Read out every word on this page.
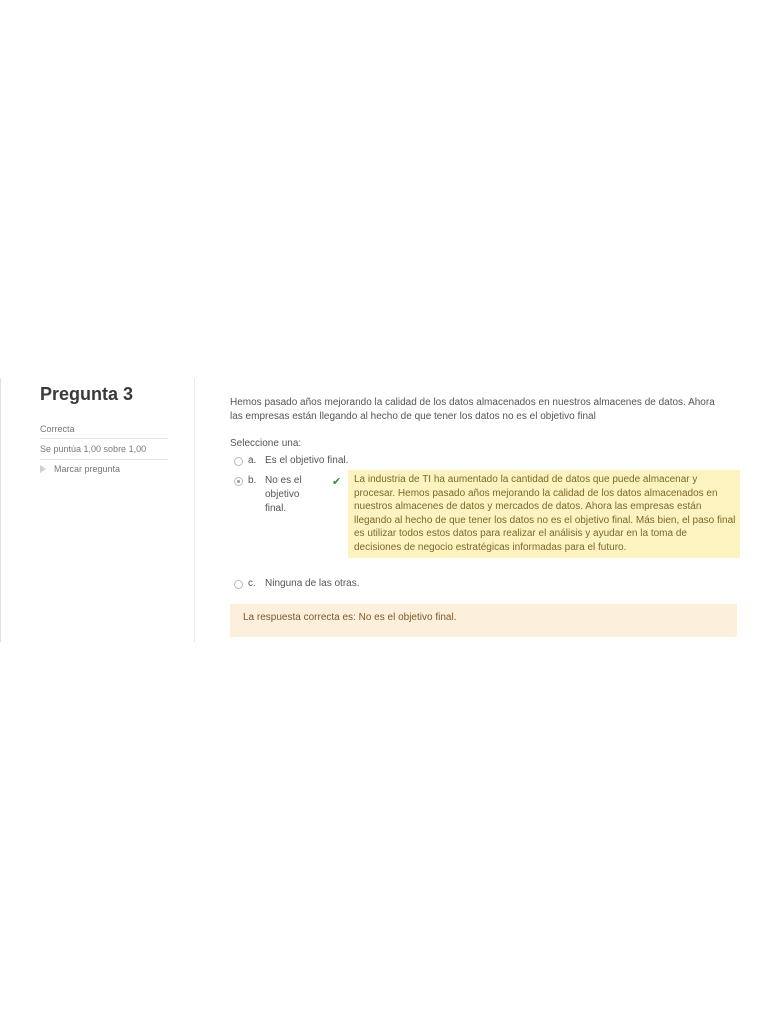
Pregunta 3
Correcta
Se puntúa 1,00 sobre 1,00
Marcar pregunta

Hemos pasado años mejorando la calidad de los datos almacenados en nuestros almacenes de datos. Ahora las empresas están llegando al hecho de que tener los datos no es el objetivo final

Seleccione una:
a. Es el objetivo final.
b. No es el objetivo final.
✔	La industria de TI ha aumentado la cantidad de datos que puede almacenar y procesar. Hemos pasado años mejorando la calidad de los datos almacenados en nuestros almacenes de datos y mercados de datos. Ahora las empresas están llegando al hecho de que tener los datos no es el objetivo final. Más bien, el paso final es utilizar todos estos datos para realizar el análisis y ayudar en la toma de decisiones de negocio estratégicas informadas para el futuro.
c. Ninguna de las otras.
La respuesta correcta es: No es el objetivo final.
